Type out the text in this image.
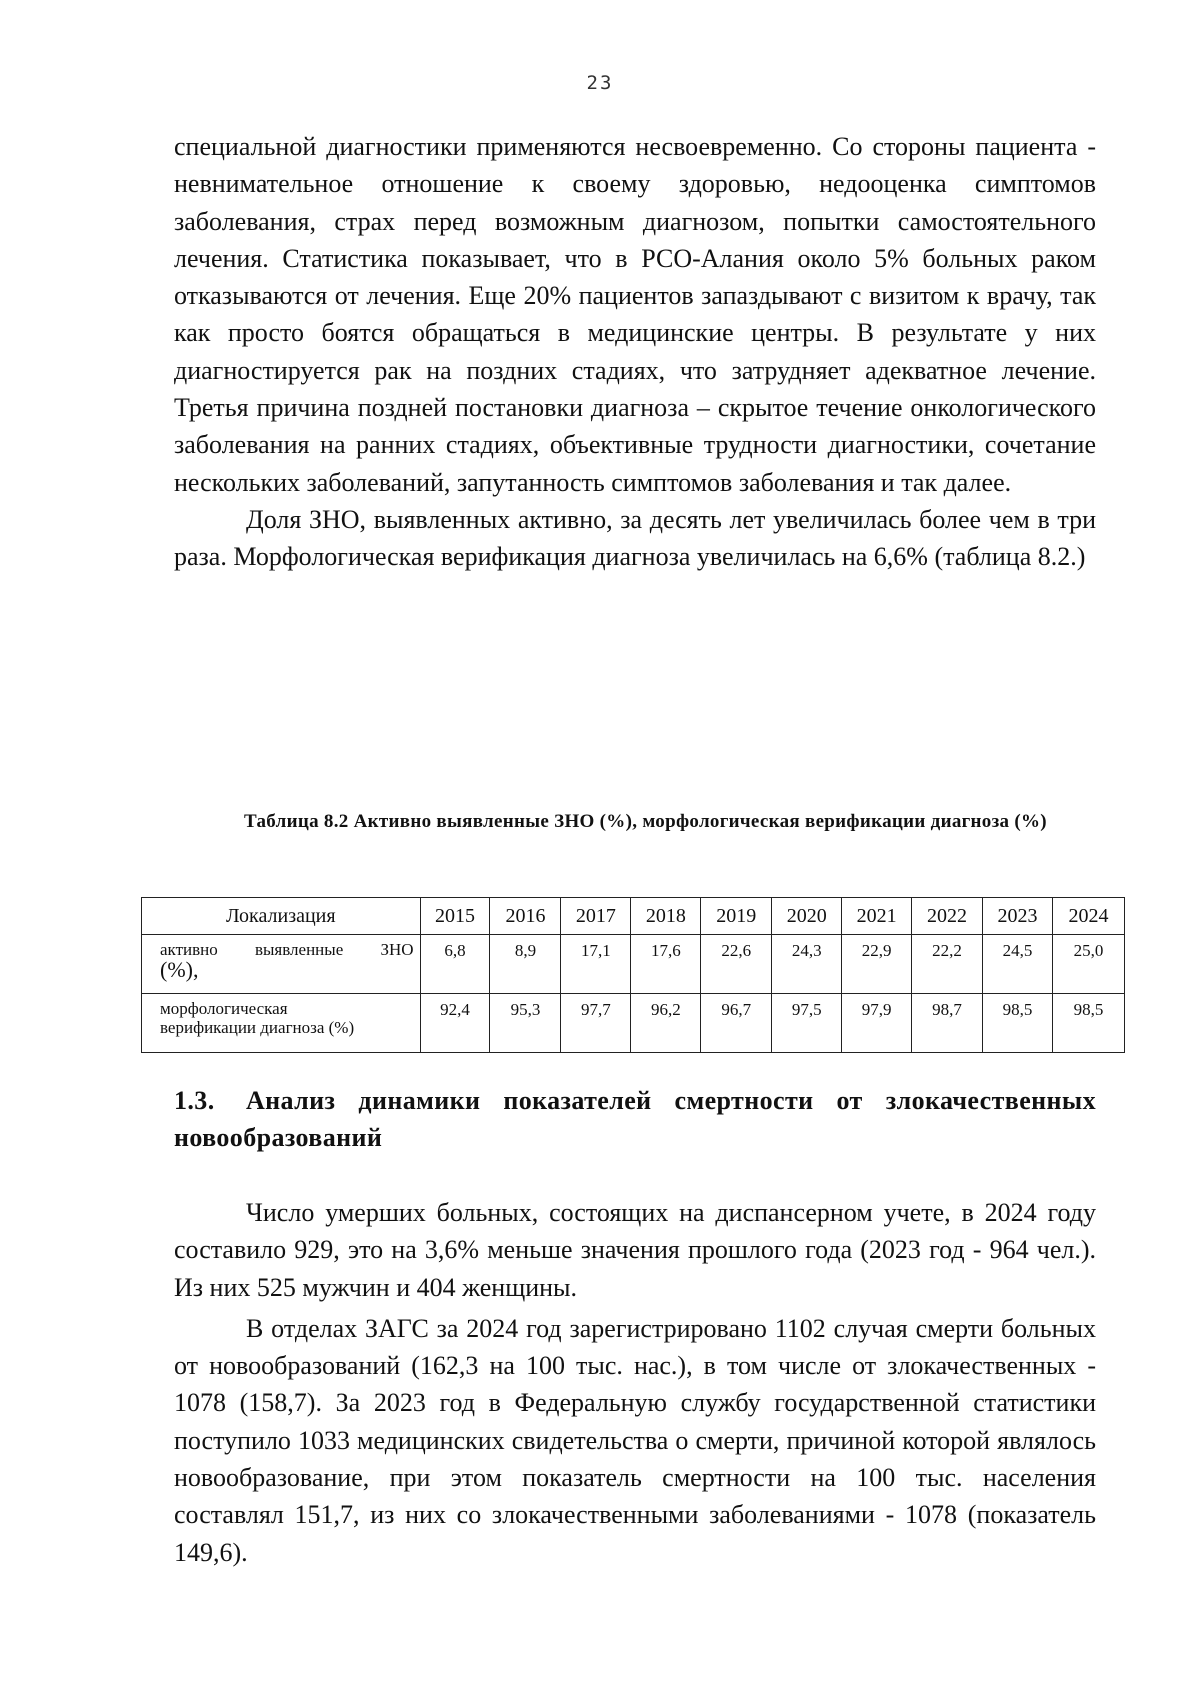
23

специальной диагностики применяются несвоевременно. Со стороны пациента - невнимательное отношение к своему здоровью, недооценка симптомов заболевания, страх перед возможным диагнозом, попытки самостоятельного лечения. Статистика показывает, что в РСО-Алания около 5% больных раком отказываются от лечения. Еще 20% пациентов запаздывают с визитом к врачу, так как просто боятся обращаться в медицинские центры. В результате у них диагностируется рак на поздних стадиях, что затрудняет адекватное лечение. Третья причина поздней постановки диагноза – скрытое течение онкологического заболевания на ранних стадиях, объективные трудности диагностики, сочетание нескольких заболеваний, запутанность симптомов заболевания и так далее.

Доля ЗНО, выявленных активно, за десять лет увеличилась более чем в три раза. Морфологическая верификация диагноза увеличилась на 6,6% (таблица 8.2.)

Таблица 8.2 Активно выявленные ЗНО (%), морфологическая верификации диагноза (%)
Локализация	2015	2016	2017	2018	2019	2020	2021	2022	2023	2024

активно выявленные ЗНО
(%),	6,8	8,9	17,1	17,6	22,6	24,3	22,9	22,2	24,5	25,0

морфологическая
верификации диагноза (%)	92,4	95,3	97,7	96,2	96,7	97,5	97,9	98,7	98,5	98,5
1.3. Анализ динамики показателей смертности от злокачественных новообразований

Число умерших больных, состоящих на диспансерном учете, в 2024 году составило 929, это на 3,6% меньше значения прошлого года (2023 год - 964 чел.). Из них 525 мужчин и 404 женщины.

В отделах ЗАГС за 2024 год зарегистрировано 1102 случая смерти больных от новообразований (162,3 на 100 тыс. нас.), в том числе от злокачественных - 1078 (158,7). За 2023 год в Федеральную службу государственной статистики поступило 1033 медицинских свидетельства о смерти, причиной которой являлось новообразование, при этом показатель смертности на 100 тыс. населения составлял 151,7, из них со злокачественными заболеваниями - 1078 (показатель 149,6).
